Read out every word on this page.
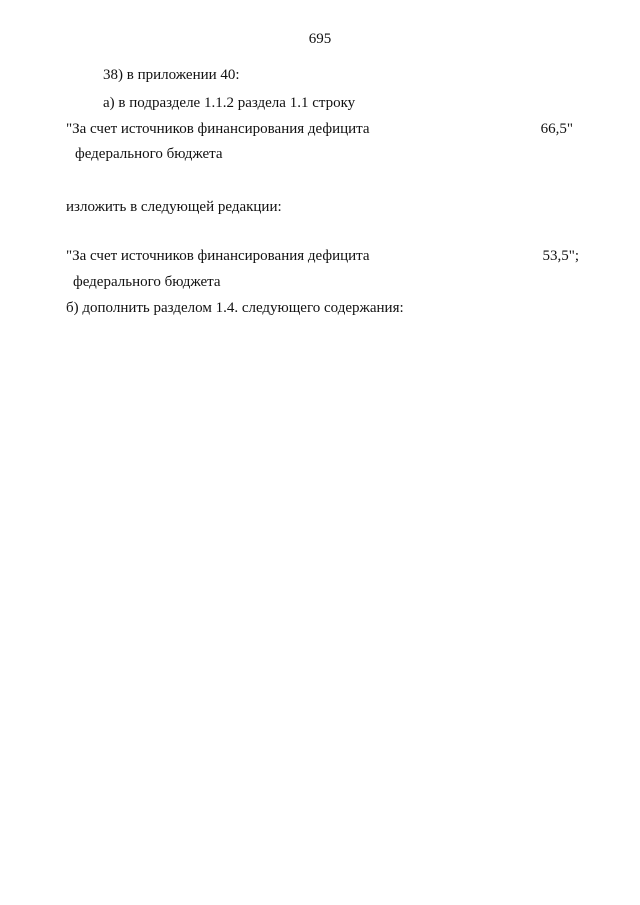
695
38) в приложении 40:
а) в подразделе 1.1.2 раздела 1.1 строку
"За счет источников финансирования дефицита	66,5"
федерального бюджета
изложить в следующей редакции:
"За счет источников финансирования дефицита	53,5";
федерального бюджета
б) дополнить разделом 1.4. следующего содержания:
